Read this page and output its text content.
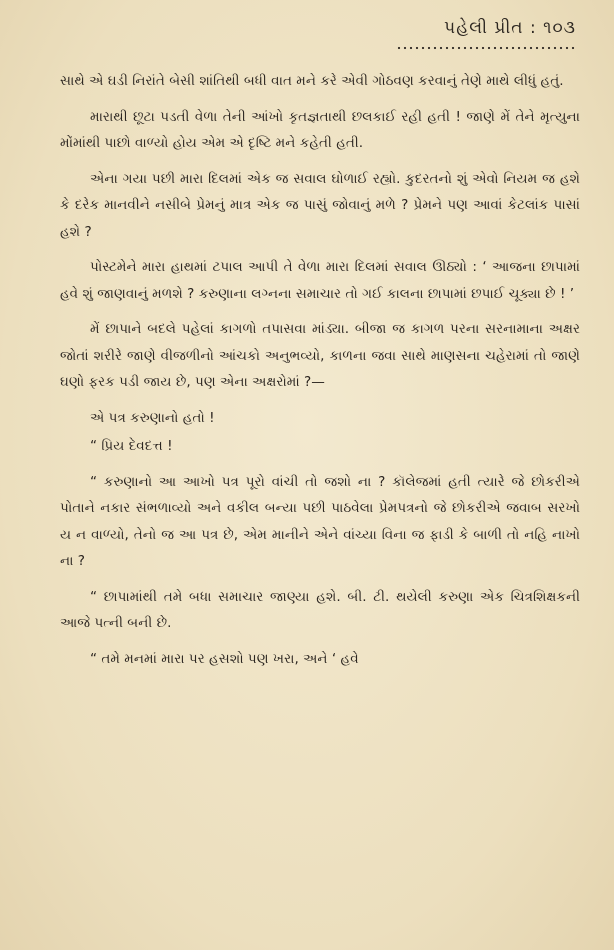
પહેલી પ્રીત : ૧૦૩

સાથે એ ઘડી નિરાંતે બેસી શાંતિથી બધી વાત મને કરે એવી ગોઠવણ કરવાનું તેણે માથે લીધું હતું.

મારાથી છૂટા પડતી વેળા તેની આંખો કૃતજ્ઞતાથી છલકાઈ રહી હતી ! જાણે મેં તેને મૃત્યુના મોંમાંથી પાછો વાળ્યો હોય એમ એ દૃષ્ટિ મને કહેતી હતી.

એના ગયા પછી મારા દિલમાં એક જ સવાલ ઘોળાઈ રહ્યો. કુદરતનો શું એવો નિયમ જ હશે કે દરેક માનવીને નસીબે પ્રેમનું માત્ર એક જ પાસું જોવાનું મળે ? પ્રેમને પણ આવાં કેટલાંક પાસાં હશે ?

પોસ્ટમેને મારા હાથમાં ટપાલ આપી તે વેળા મારા દિલમાં સવાલ ઊઠ્યો : ‘ આજના છાપામાં હવે શું જાણવાનું મળશે ? કરુણાના લગ્નના સમાચાર તો ગઈ કાલના છાપામાં છપાઈ ચૂક્યા છે ! ’

મેં છાપાને બદલે પહેલાં કાગળો તપાસવા માંડ્યા. બીજા જ કાગળ પરના સરનામાના અક્ષર જોતાં શરીરે જાણે વીજળીનો આંચકો અનુભવ્યો, કાળના જવા સાથે માણસના ચહેરામાં તો જાણે ઘણો ફરક પડી જાય છે, પણ એના અક્ષરોમાં ?—

એ પત્ર કરુણાનો હતો !

“ પ્રિય દેવદત્ત !

“ કરુણાનો આ આખો પત્ર પૂરો વાંચી તો જશો ના ? કૉલેજમાં હતી ત્યારે જે છોકરીએ પોતાને નકાર સંભળાવ્યો અને વકીલ બન્યા પછી પાઠવેલા પ્રેમપત્રનો જે છોકરીએ જવાબ સરખો ય ન વાળ્યો, તેનો જ આ પત્ર છે, એમ માનીને એને વાંચ્યા વિના જ ફાડી કે બાળી તો નહિ નાખો ના ?

“ છાપામાંથી તમે બધા સમાચાર જાણ્યા હશે. બી. ટી. થયેલી કરુણા એક ચિત્રશિક્ષકની આજે પત્ની બની છે.

“ તમે મનમાં મારા પર હસશો પણ ખરા, અને ‘ હવે
